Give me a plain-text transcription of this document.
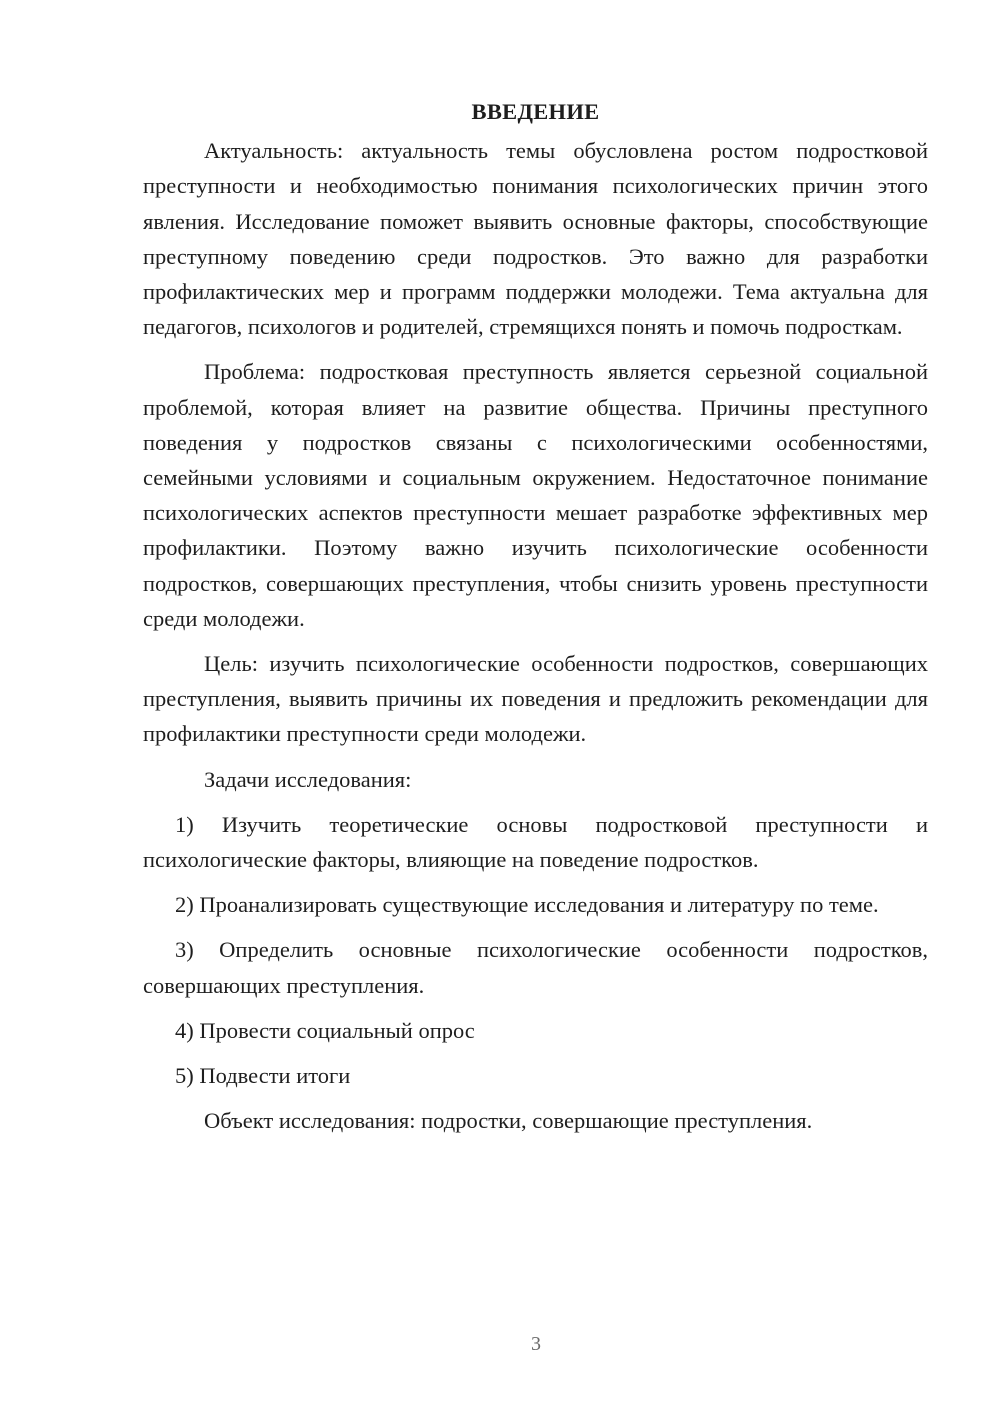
ВВЕДЕНИЕ

Актуальность: актуальность темы обусловлена ростом подростковой преступности и необходимостью понимания психологических причин этого явления. Исследование поможет выявить основные факторы, способствующие преступному поведению среди подростков. Это важно для разработки профилактических мер и программ поддержки молодежи. Тема актуальна для педагогов, психологов и родителей, стремящихся понять и помочь подросткам.

Проблема: подростковая преступность является серьезной социальной проблемой, которая влияет на развитие общества. Причины преступного поведения у подростков связаны с психологическими особенностями, семейными условиями и социальным окружением. Недостаточное понимание психологических аспектов преступности мешает разработке эффективных мер профилактики. Поэтому важно изучить психологические особенности подростков, совершающих преступления, чтобы снизить уровень преступности среди молодежи.

Цель: изучить психологические особенности подростков, совершающих преступления, выявить причины их поведения и предложить рекомендации для профилактики преступности среди молодежи.

Задачи исследования:

1) Изучить теоретические основы подростковой преступности и психологические факторы, влияющие на поведение подростков.

2) Проанализировать существующие исследования и литературу по теме.

3) Определить основные психологические особенности подростков, совершающих преступления.

4) Провести социальный опрос

5) Подвести итоги

Объект исследования: подростки, совершающие преступления.

3
